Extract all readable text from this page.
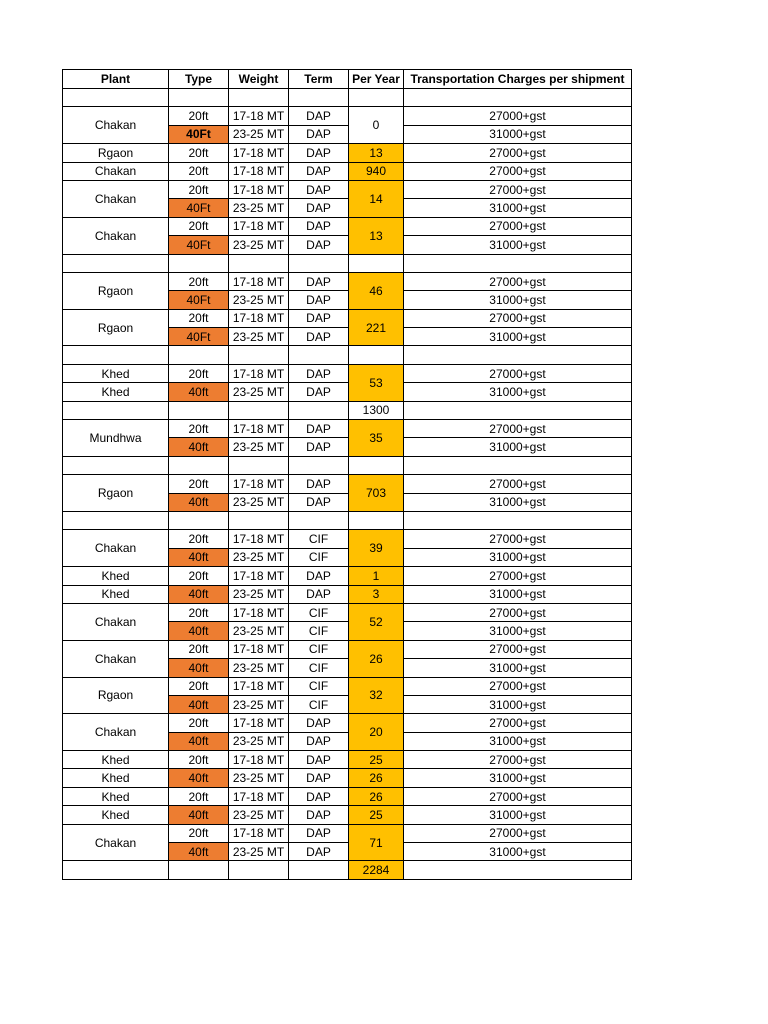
Plant	Type	Weight	Term	Per Year	Transportation Charges per shipment

Chakan	20ft	17-18 MT	DAP	0	27000+gst
	40Ft	23-25 MT	DAP		31000+gst
Rgaon	20ft	17-18 MT	DAP	13	27000+gst
Chakan	20ft	17-18 MT	DAP	940	27000+gst
Chakan	20ft	17-18 MT	DAP	14	27000+gst
	40Ft	23-25 MT	DAP		31000+gst
Chakan	20ft	17-18 MT	DAP	13	27000+gst
	40Ft	23-25 MT	DAP		31000+gst

Rgaon	20ft	17-18 MT	DAP	46	27000+gst
	40Ft	23-25 MT	DAP		31000+gst
Rgaon	20ft	17-18 MT	DAP	221	27000+gst
	40Ft	23-25 MT	DAP		31000+gst

Khed	20ft	17-18 MT	DAP	53	27000+gst
Khed	40ft	23-25 MT	DAP		31000+gst
				1300	
Mundhwa	20ft	17-18 MT	DAP	35	27000+gst
	40ft	23-25 MT	DAP		31000+gst

Rgaon	20ft	17-18 MT	DAP	703	27000+gst
	40ft	23-25 MT	DAP		31000+gst

Chakan	20ft	17-18 MT	CIF	39	27000+gst
	40ft	23-25 MT	CIF		31000+gst
Khed	20ft	17-18 MT	DAP	1	27000+gst
Khed	40ft	23-25 MT	DAP	3	31000+gst
Chakan	20ft	17-18 MT	CIF	52	27000+gst
	40ft	23-25 MT	CIF		31000+gst
Chakan	20ft	17-18 MT	CIF	26	27000+gst
	40ft	23-25 MT	CIF		31000+gst
Rgaon	20ft	17-18 MT	CIF	32	27000+gst
	40ft	23-25 MT	CIF		31000+gst
Chakan	20ft	17-18 MT	DAP	20	27000+gst
	40ft	23-25 MT	DAP		31000+gst
Khed	20ft	17-18 MT	DAP	25	27000+gst
Khed	40ft	23-25 MT	DAP	26	31000+gst
Khed	20ft	17-18 MT	DAP	26	27000+gst
Khed	40ft	23-25 MT	DAP	25	31000+gst
Chakan	20ft	17-18 MT	DAP	71	27000+gst
	40ft	23-25 MT	DAP		31000+gst
				2284	
